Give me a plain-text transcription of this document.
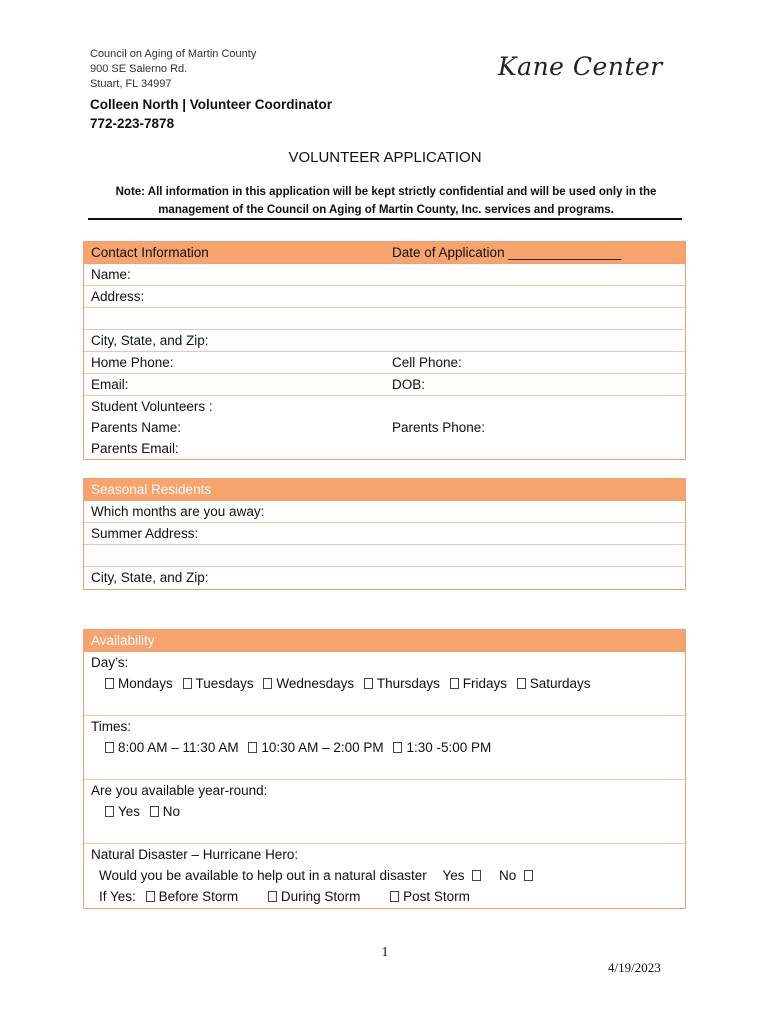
Council on Aging of Martin County
900 SE Salerno Rd.
Stuart, FL 34997
Colleen North | Volunteer Coordinator
772-223-7878
Kane Center
VOLUNTEER APPLICATION
Note: All information in this application will be kept strictly confidential and will be used only in the management of the Council on Aging of Martin County, Inc. services and programs.
Contact Information	Date of Application _______________
Name:
Address:
City, State, and Zip:
Home Phone:	Cell Phone:
Email:	DOB:
Student Volunteers :
Parents Name:	Parents Phone:
Parents Email:
Seasonal Residents
Which months are you away:
Summer Address:
City, State, and Zip:
Availability
Day’s:
Mondays Tuesdays Wednesdays Thursdays Fridays Saturdays
Times:
8:00 AM – 11:30 AM 10:30 AM – 2:00 PM 1:30 -5:00 PM
Are you available year-round:
Yes No
Natural Disaster – Hurricane Hero:
Would you be available to help out in a natural disaster Yes	No
If Yes: Before Storm	During Storm	Post Storm
1
4/19/2023
